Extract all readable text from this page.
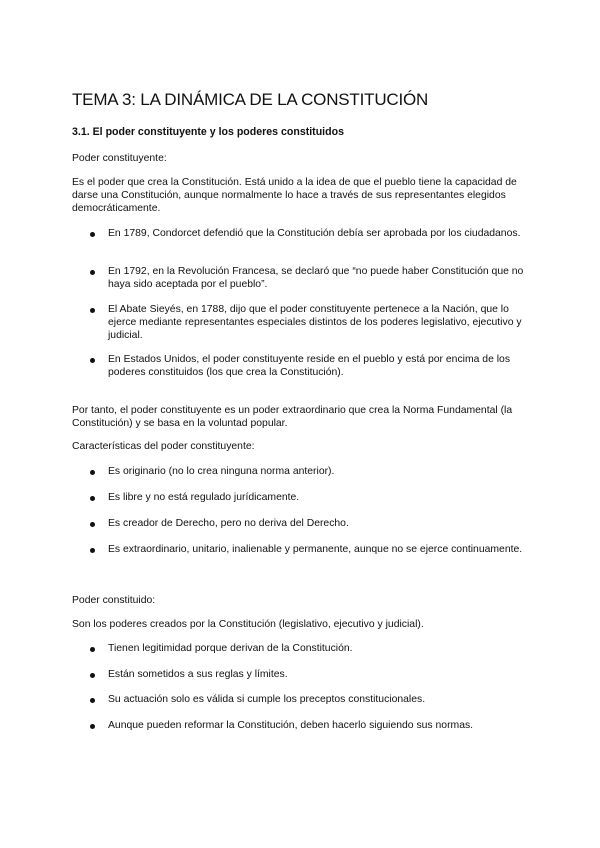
TEMA 3: LA DINÁMICA DE LA CONSTITUCIÓN
3.1. El poder constituyente y los poderes constituidos

Poder constituyente:

Es el poder que crea la Constitución. Está unido a la idea de que el pueblo tiene la capacidad de darse una Constitución, aunque normalmente lo hace a través de sus representantes elegidos democráticamente.

En 1789, Condorcet defendió que la Constitución debía ser aprobada por los ciudadanos.
En 1792, en la Revolución Francesa, se declaró que “no puede haber Constitución que no haya sido aceptada por el pueblo”.
El Abate Sieyés, en 1788, dijo que el poder constituyente pertenece a la Nación, que lo ejerce mediante representantes especiales distintos de los poderes legislativo, ejecutivo y judicial.
En Estados Unidos, el poder constituyente reside en el pueblo y está por encima de los poderes constituidos (los que crea la Constitución).

Por tanto, el poder constituyente es un poder extraordinario que crea la Norma Fundamental (la Constitución) y se basa en la voluntad popular.

Características del poder constituyente:

Es originario (no lo crea ninguna norma anterior).
Es libre y no está regulado jurídicamente.
Es creador de Derecho, pero no deriva del Derecho.
Es extraordinario, unitario, inalienable y permanente, aunque no se ejerce continuamente.

Poder constituido:

Son los poderes creados por la Constitución (legislativo, ejecutivo y judicial).

Tienen legitimidad porque derivan de la Constitución.
Están sometidos a sus reglas y límites.
Su actuación solo es válida si cumple los preceptos constitucionales.
Aunque pueden reformar la Constitución, deben hacerlo siguiendo sus normas.
